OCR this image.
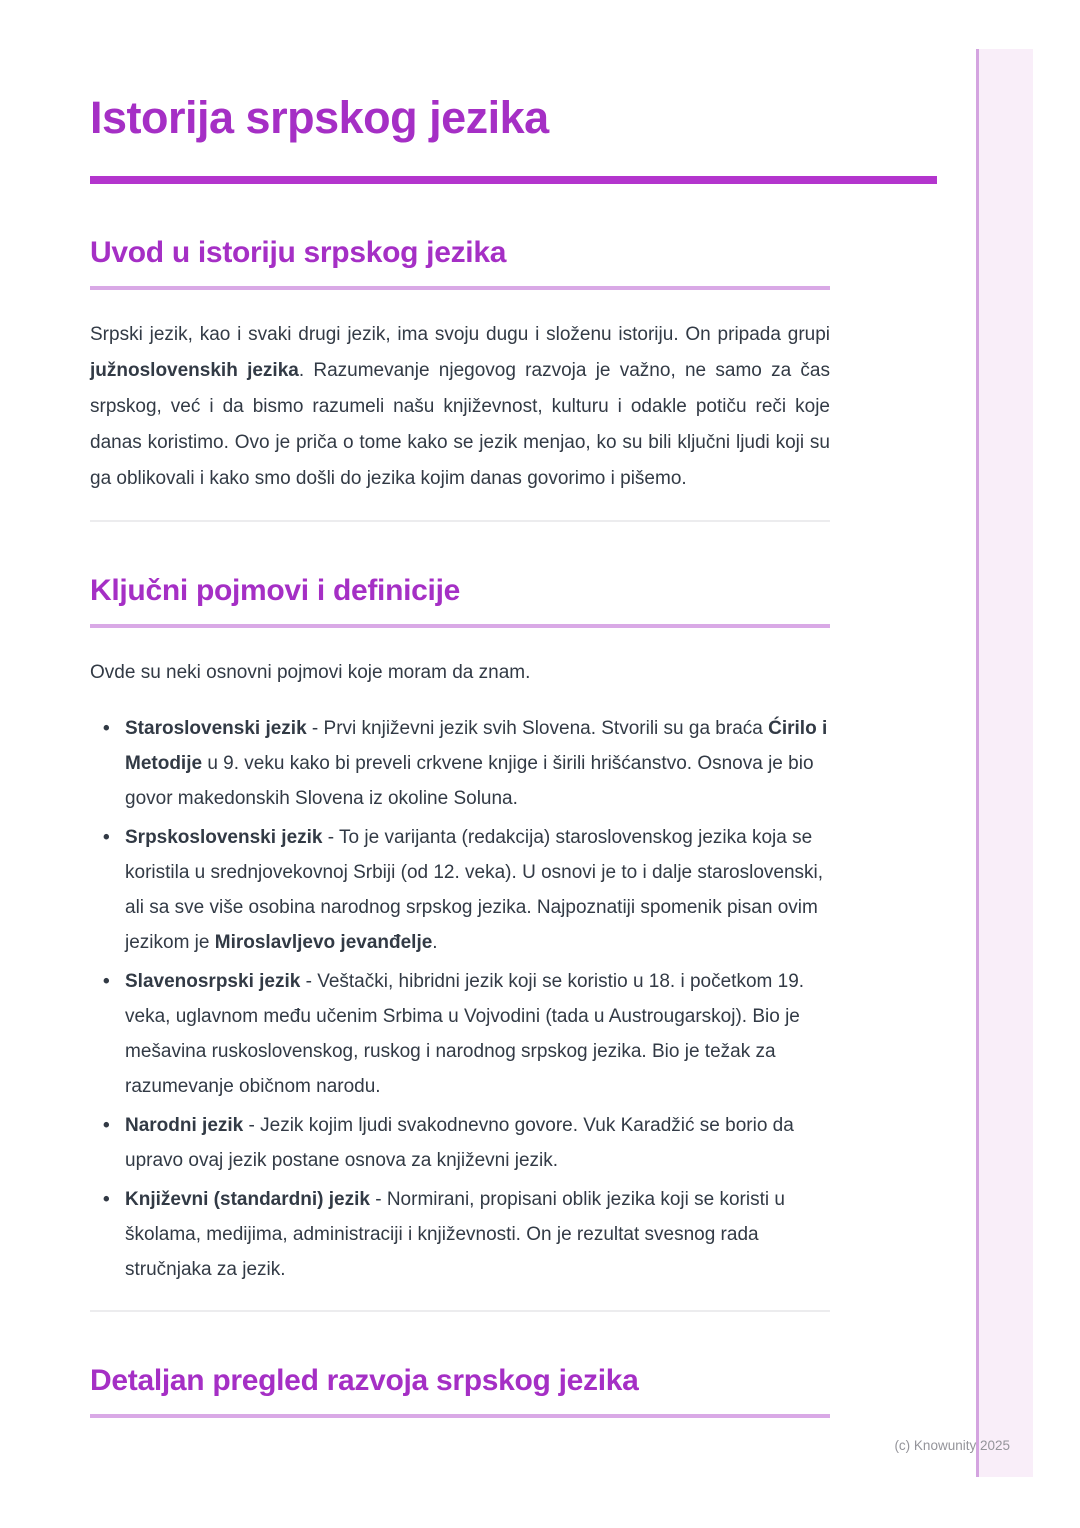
Istorija srpskog jezika
Uvod u istoriju srpskog jezika

Srpski jezik, kao i svaki drugi jezik, ima svoju dugu i složenu istoriju. On pripada grupi južnoslovenskih jezika. Razumevanje njegovog razvoja je važno, ne samo za čas srpskog, već i da bismo razumeli našu književnost, kulturu i odakle potiču reči koje danas koristimo. Ovo je priča o tome kako se jezik menjao, ko su bili ključni ljudi koji su ga oblikovali i kako smo došli do jezika kojim danas govorimo i pišemo.

Ključni pojmovi i definicije

Ovde su neki osnovni pojmovi koje moram da znam.

• Staroslovenski jezik - Prvi književni jezik svih Slovena. Stvorili su ga braća Ćirilo i Metodije u 9. veku kako bi preveli crkvene knjige i širili hrišćanstvo. Osnova je bio govor makedonskih Slovena iz okoline Soluna.
• Srpskoslovenski jezik - To je varijanta (redakcija) staroslovenskog jezika koja se koristila u srednjovekovnoj Srbiji (od 12. veka). U osnovi je to i dalje staroslovenski, ali sa sve više osobina narodnog srpskog jezika. Najpoznatiji spomenik pisan ovim jezikom je Miroslavljevo jevanđelje.
• Slavenosrpski jezik - Veštački, hibridni jezik koji se koristio u 18. i početkom 19. veka, uglavnom među učenim Srbima u Vojvodini (tada u Austrougarskoj). Bio je mešavina ruskoslovenskog, ruskog i narodnog srpskog jezika. Bio je težak za razumevanje običnom narodu.
• Narodni jezik - Jezik kojim ljudi svakodnevno govore. Vuk Karadžić se borio da upravo ovaj jezik postane osnova za književni jezik.
• Književni (standardni) jezik - Normirani, propisani oblik jezika koji se koristi u školama, medijima, administraciji i književnosti. On je rezultat svesnog rada stručnjaka za jezik.
Detaljan pregled razvoja srpskog jezika
(c) Knowunity 2025
